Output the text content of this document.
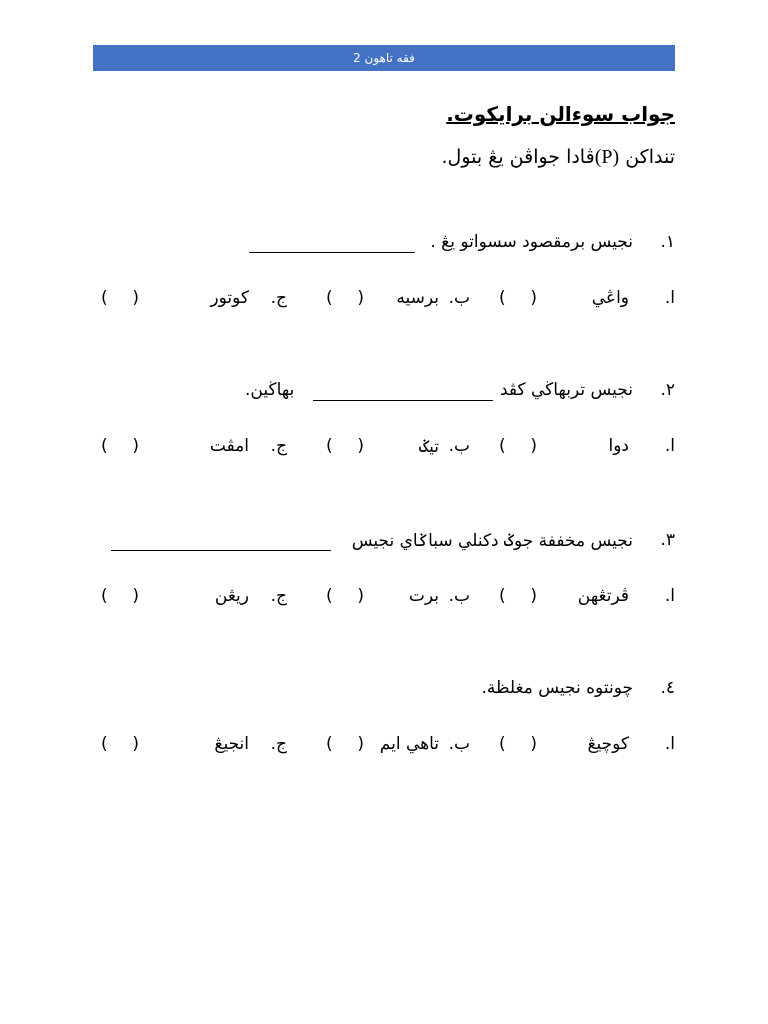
فقه تاهون 2
جواب سوءالن برايكوت.
تنداكن (P)ڤادا جواڤن يڠ بتول.
١.
نجيس برمقصود سسواتو يڠ .
ا.
واڠي
( )
ب.
برسيه
( )
ج.
كوتور
( )
٢.
نجيس تربهاڬي كڤد
بهاڬين.
ا.
دوا
( )
ب.
تيݢ
( )
ج.
امڤت
( )
٣.
نجيس مخففة جوݢ دكنلي سباݢاي نجيس
ا.
ڤرتڠهن
( )
ب.
برت
( )
ج.
ريڠن
( )
٤.
چونتوه نجيس مغلظة.
ا.
كوچيڠ
( )
ب.
تاهي ايم
( )
ج.
انجيڠ
( )
